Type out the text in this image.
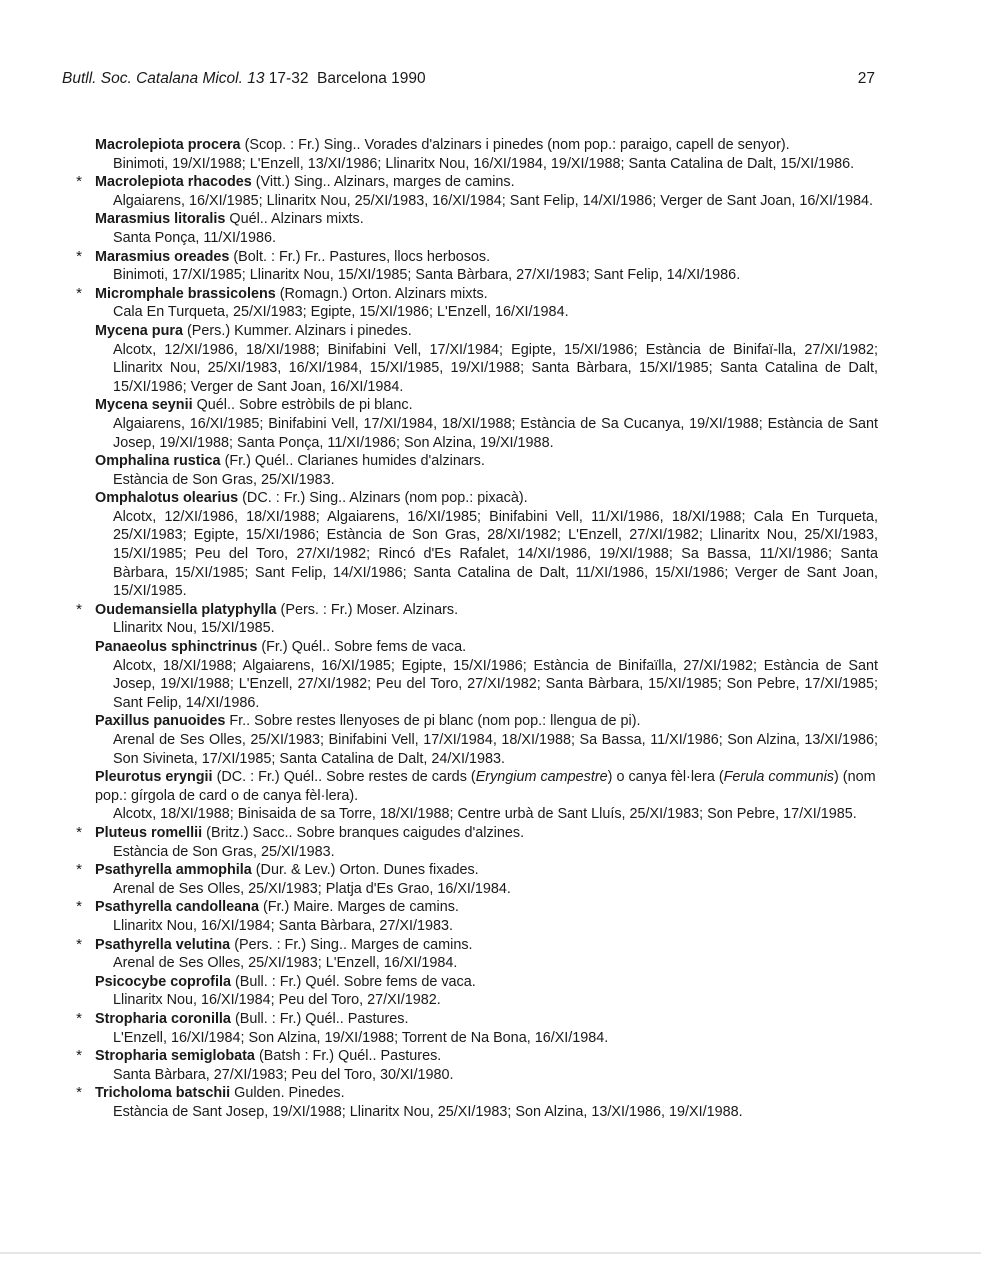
Butll. Soc. Catalana Micol. 13 17-32  Barcelona 1990	27
Macrolepiota procera (Scop. : Fr.) Sing.. Vorades d'alzinars i pinedes (nom pop.: paraigo, capell de senyor).
Binimoti, 19/XI/1988; L'Enzell, 13/XI/1986; Llinaritx Nou, 16/XI/1984, 19/XI/1988; Santa Catalina de Dalt, 15/XI/1986.
* Macrolepiota rhacodes (Vitt.) Sing.. Alzinars, marges de camins.
Algaiarens, 16/XI/1985; Llinaritx Nou, 25/XI/1983, 16/XI/1984; Sant Felip, 14/XI/1986; Verger de Sant Joan, 16/XI/1984.
Marasmius litoralis Quél.. Alzinars mixts.
Santa Ponça, 11/XI/1986.
* Marasmius oreades (Bolt. : Fr.) Fr.. Pastures, llocs herbosos.
Binimoti, 17/XI/1985; Llinaritx Nou, 15/XI/1985; Santa Bàrbara, 27/XI/1983; Sant Felip, 14/XI/1986.
* Micromphale brassicolens (Romagn.) Orton. Alzinars mixts.
Cala En Turqueta, 25/XI/1983; Egipte, 15/XI/1986; L'Enzell, 16/XI/1984.
Mycena pura (Pers.) Kummer. Alzinars i pinedes.
Alcotx, 12/XI/1986, 18/XI/1988; Binifabini Vell, 17/XI/1984; Egipte, 15/XI/1986; Estància de Binifaï-lla, 27/XI/1982; Llinaritx Nou, 25/XI/1983, 16/XI/1984, 15/XI/1985, 19/XI/1988; Santa Bàrbara, 15/XI/1985; Santa Catalina de Dalt, 15/XI/1986; Verger de Sant Joan, 16/XI/1984.
Mycena seynii Quél.. Sobre estròbils de pi blanc.
Algaiarens, 16/XI/1985; Binifabini Vell, 17/XI/1984, 18/XI/1988; Estància de Sa Cucanya, 19/XI/1988; Estància de Sant Josep, 19/XI/1988; Santa Ponça, 11/XI/1986; Son Alzina, 19/XI/1988.
Omphalina rustica (Fr.) Quél.. Clarianes humides d'alzinars.
Estància de Son Gras, 25/XI/1983.
Omphalotus olearius (DC. : Fr.) Sing.. Alzinars (nom pop.: pixacà).
Alcotx, 12/XI/1986, 18/XI/1988; Algaiarens, 16/XI/1985; Binifabini Vell, 11/XI/1986, 18/XI/1988; Cala En Turqueta, 25/XI/1983; Egipte, 15/XI/1986; Estància de Son Gras, 28/XI/1982; L'Enzell, 27/XI/1982; Llinaritx Nou, 25/XI/1983, 15/XI/1985; Peu del Toro, 27/XI/1982; Rincó d'Es Rafalet, 14/XI/1986, 19/XI/1988; Sa Bassa, 11/XI/1986; Santa Bàrbara, 15/XI/1985; Sant Felip, 14/XI/1986; Santa Catalina de Dalt, 11/XI/1986, 15/XI/1986; Verger de Sant Joan, 15/XI/1985.
* Oudemansiella platyphylla (Pers. : Fr.) Moser. Alzinars.
Llinaritx Nou, 15/XI/1985.
Panaeolus sphinctrinus (Fr.) Quél.. Sobre fems de vaca.
Alcotx, 18/XI/1988; Algaiarens, 16/XI/1985; Egipte, 15/XI/1986; Estància de Binifaïlla, 27/XI/1982; Estància de Sant Josep, 19/XI/1988; L'Enzell, 27/XI/1982; Peu del Toro, 27/XI/1982; Santa Bàrbara, 15/XI/1985; Son Pebre, 17/XI/1985; Sant Felip, 14/XI/1986.
Paxillus panuoides Fr.. Sobre restes llenyoses de pi blanc (nom pop.: llengua de pi).
Arenal de Ses Olles, 25/XI/1983; Binifabini Vell, 17/XI/1984, 18/XI/1988; Sa Bassa, 11/XI/1986; Son Alzina, 13/XI/1986; Son Sivineta, 17/XI/1985; Santa Catalina de Dalt, 24/XI/1983.
Pleurotus eryngii (DC. : Fr.) Quél.. Sobre restes de cards (Eryngium campestre) o canya fèl·lera (Ferula communis) (nom pop.: gírgola de card o de canya fèl·lera).
Alcotx, 18/XI/1988; Binisaida de sa Torre, 18/XI/1988; Centre urbà de Sant Lluís, 25/XI/1983; Son Pebre, 17/XI/1985.
* Pluteus romellii (Britz.) Sacc.. Sobre branques caigudes d'alzines.
Estància de Son Gras, 25/XI/1983.
* Psathyrella ammophila (Dur. & Lev.) Orton. Dunes fixades.
Arenal de Ses Olles, 25/XI/1983; Platja d'Es Grao, 16/XI/1984.
* Psathyrella candolleana (Fr.) Maire. Marges de camins.
Llinaritx Nou, 16/XI/1984; Santa Bàrbara, 27/XI/1983.
* Psathyrella velutina (Pers. : Fr.) Sing.. Marges de camins.
Arenal de Ses Olles, 25/XI/1983; L'Enzell, 16/XI/1984.
Psicocybe coprofila (Bull. : Fr.) Quél. Sobre fems de vaca.
Llinaritx Nou, 16/XI/1984; Peu del Toro, 27/XI/1982.
* Stropharia coronilla (Bull. : Fr.) Quél.. Pastures.
L'Enzell, 16/XI/1984; Son Alzina, 19/XI/1988; Torrent de Na Bona, 16/XI/1984.
* Stropharia semiglobata (Batsh : Fr.) Quél.. Pastures.
Santa Bàrbara, 27/XI/1983; Peu del Toro, 30/XI/1980.
* Tricholoma batschii Gulden. Pinedes.
Estància de Sant Josep, 19/XI/1988; Llinaritx Nou, 25/XI/1983; Son Alzina, 13/XI/1986, 19/XI/1988.
